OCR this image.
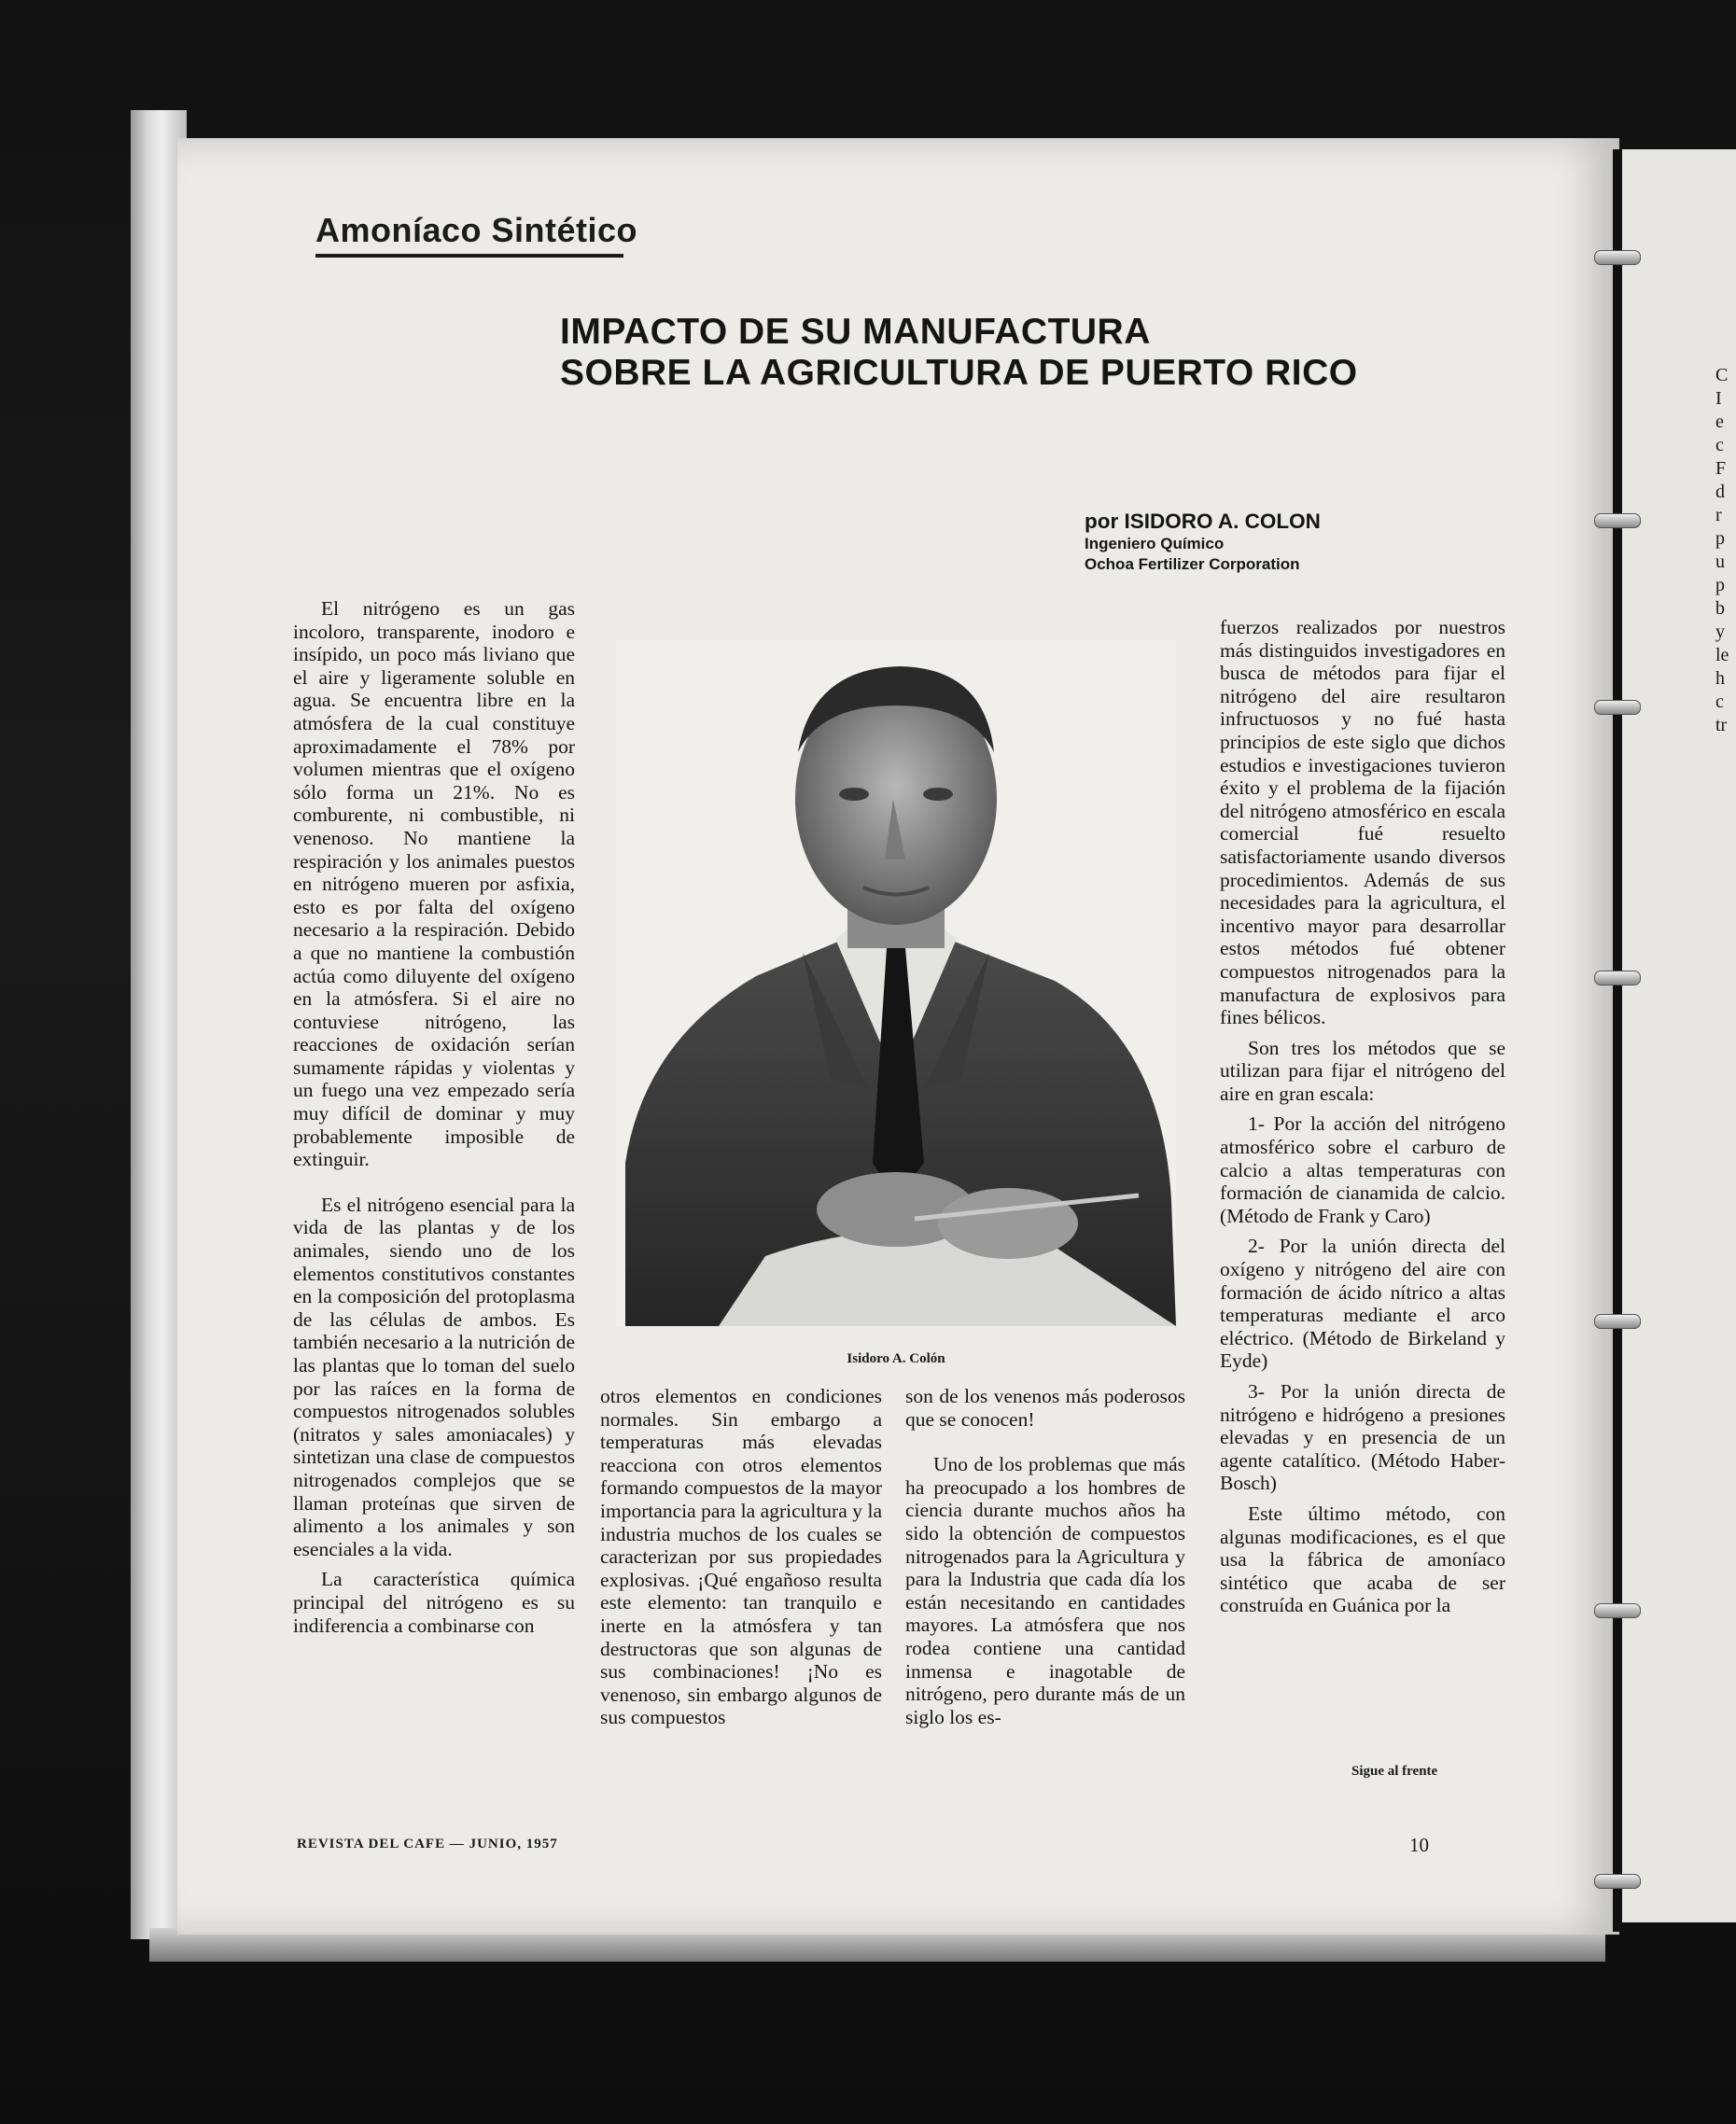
Amoníaco Sintético
IMPACTO DE SU MANUFACTURA
SOBRE LA AGRICULTURA DE PUERTO RICO
por ISIDORO A. COLON
Ingeniero Químico
Ochoa Fertilizer Corporation

El nitrógeno es un gas incoloro, transparente, inodoro e insípido, un poco más liviano que el aire y ligeramente soluble en agua. Se encuentra libre en la atmósfera de la cual constituye aproximadamente el 78% por volumen mientras que el oxígeno sólo forma un 21%. No es comburente, ni combustible, ni venenoso. No mantiene la respiración y los animales puestos en nitrógeno mueren por asfixia, esto es por falta del oxígeno necesario a la respiración. Debido a que no mantiene la combustión actúa como diluyente del oxígeno en la atmósfera. Si el aire no contuviese nitrógeno, las reacciones de oxidación serían sumamente rápidas y violentas y un fuego una vez empezado sería muy difícil de dominar y muy probablemente imposible de extinguir.

Es el nitrógeno esencial para la vida de las plantas y de los animales, siendo uno de los elementos constitutivos constantes en la composición del protoplasma de las células de ambos. Es también necesario a la nutrición de las plantas que lo toman del suelo por las raíces en la forma de compuestos nitrogenados solubles (nitratos y sales amoniacales) y sintetizan una clase de compuestos nitrogenados complejos que se llaman proteínas que sirven de alimento a los animales y son esenciales a la vida.

La característica química principal del nitrógeno es su indiferencia a combinarse con

Isidoro A. Colón

otros elementos en condiciones normales. Sin embargo a temperaturas más elevadas reacciona con otros elementos formando compuestos de la mayor importancia para la agricultura y la industria muchos de los cuales se caracterizan por sus propiedades explosivas. ¡Qué engañoso resulta este elemento: tan tranquilo e inerte en la atmósfera y tan destructoras que son algunas de sus combinaciones! ¡No es venenoso, sin embargo algunos de sus compuestos

son de los venenos más poderosos que se conocen!

Uno de los problemas que más ha preocupado a los hombres de ciencia durante muchos años ha sido la obtención de compuestos nitrogenados para la Agricultura y para la Industria que cada día los están necesitando en cantidades mayores. La atmósfera que nos rodea contiene una cantidad inmensa e inagotable de nitrógeno, pero durante más de un siglo los es-

fuerzos realizados por nuestros más distinguidos investigadores en busca de métodos para fijar el nitrógeno del aire resultaron infructuosos y no fué hasta principios de este siglo que dichos estudios e investigaciones tuvieron éxito y el problema de la fijación del nitrógeno atmosférico en escala comercial fué resuelto satisfactoriamente usando diversos procedimientos. Además de sus necesidades para la agricultura, el incentivo mayor para desarrollar estos métodos fué obtener compuestos nitrogenados para la manufactura de explosivos para fines bélicos.

Son tres los métodos que se utilizan para fijar el nitrógeno del aire en gran escala:

1- Por la acción del nitrógeno atmosférico sobre el carburo de calcio a altas temperaturas con formación de cianamida de calcio. (Método de Frank y Caro)

2- Por la unión directa del oxígeno y nitrógeno del aire con formación de ácido nítrico a altas temperaturas mediante el arco eléctrico. (Método de Birkeland y Eyde)

3- Por la unión directa de nitrógeno e hidrógeno a presiones elevadas y en presencia de un agente catalítico. (Método Haber-Bosch)

Este último método, con algunas modificaciones, es el que usa la fábrica de amoníaco sintético que acaba de ser construída en Guánica por la

Sigue al frente
REVISTA DEL CAFE — JUNIO, 1957	10
C
I
e
c
F
d
r
p
u
p
b
y
le
h
c
tr
